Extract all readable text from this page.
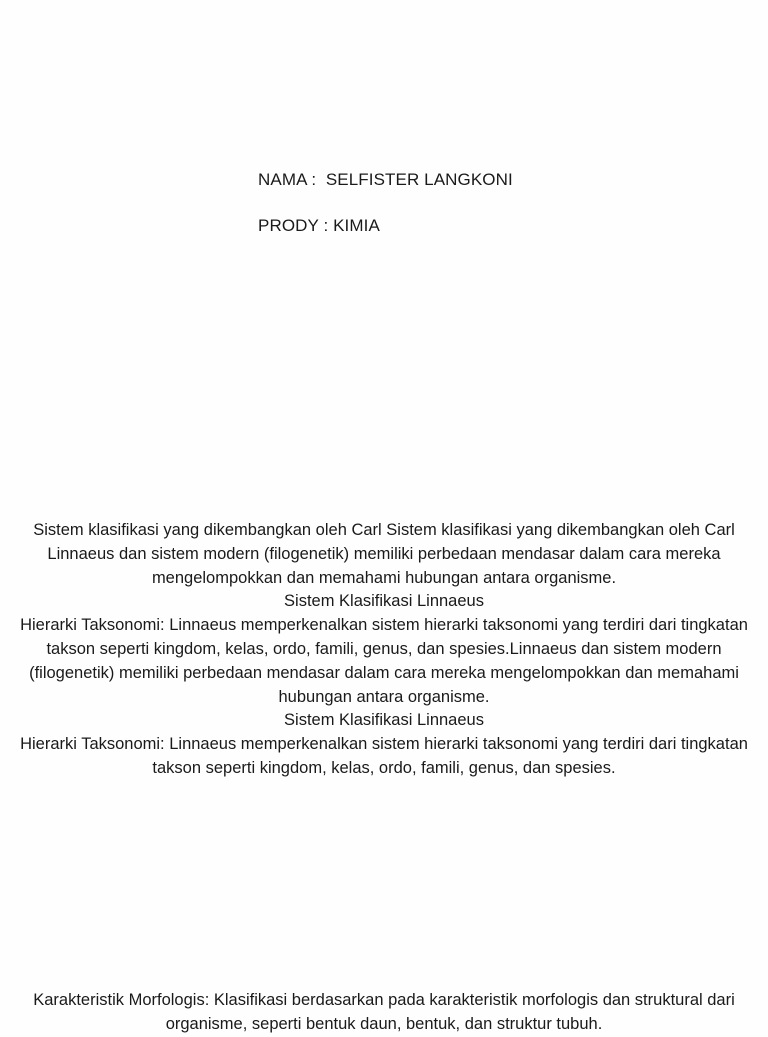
NAMA :  SELFISTER LANGKONI
PRODY : KIMIA

Sistem klasifikasi yang dikembangkan oleh Carl Sistem klasifikasi yang dikembangkan oleh Carl Linnaeus dan sistem modern (filogenetik) memiliki perbedaan mendasar dalam cara mereka mengelompokkan dan memahami hubungan antara organisme.

Sistem Klasifikasi Linnaeus

Hierarki Taksonomi: Linnaeus memperkenalkan sistem hierarki taksonomi yang terdiri dari tingkatan takson seperti kingdom, kelas, ordo, famili, genus, dan spesies.Linnaeus dan sistem modern (filogenetik) memiliki perbedaan mendasar dalam cara mereka mengelompokkan dan memahami hubungan antara organisme.

Sistem Klasifikasi Linnaeus

Hierarki Taksonomi: Linnaeus memperkenalkan sistem hierarki taksonomi yang terdiri dari tingkatan takson seperti kingdom, kelas, ordo, famili, genus, dan spesies.

Karakteristik Morfologis: Klasifikasi berdasarkan pada karakteristik morfologis dan struktural dari organisme, seperti bentuk daun, bentuk, dan struktur tubuh.
